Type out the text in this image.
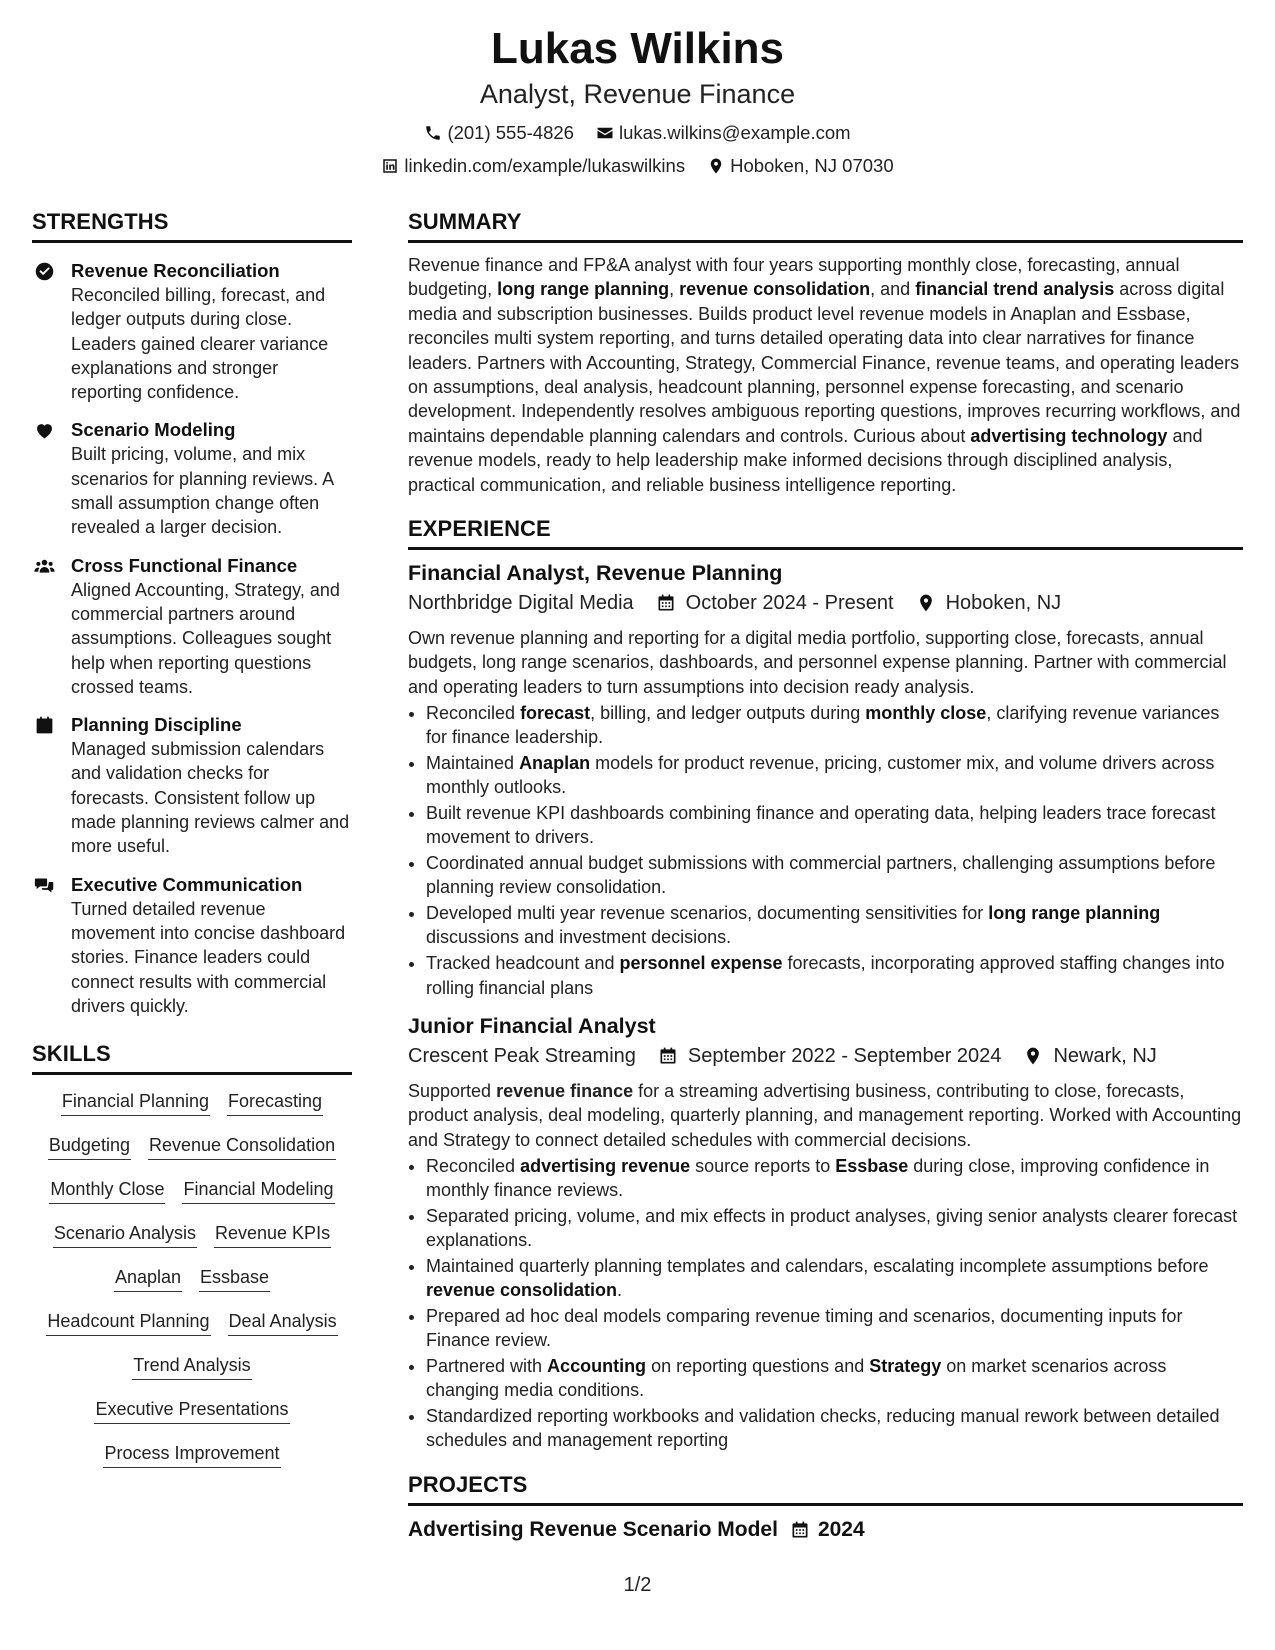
Lukas Wilkins
Analyst, Revenue Finance
(201) 555-4826 lukas.wilkins@example.com
linkedin.com/example/lukaswilkins Hoboken, NJ 07030
STRENGTHS
Revenue Reconciliation
Reconciled billing, forecast, and ledger outputs during close. Leaders gained clearer variance explanations and stronger reporting confidence.
Scenario Modeling
Built pricing, volume, and mix scenarios for planning reviews. A small assumption change often revealed a larger decision.
Cross Functional Finance
Aligned Accounting, Strategy, and commercial partners around assumptions. Colleagues sought help when reporting questions crossed teams.
Planning Discipline
Managed submission calendars and validation checks for forecasts. Consistent follow up made planning reviews calmer and more useful.
Executive Communication
Turned detailed revenue movement into concise dashboard stories. Finance leaders could connect results with commercial drivers quickly.
SKILLS
Financial Planning Forecasting
Budgeting Revenue Consolidation
Monthly Close Financial Modeling
Scenario Analysis Revenue KPIs
Anaplan Essbase
Headcount Planning Deal Analysis
Trend Analysis
Executive Presentations
Process Improvement
SUMMARY
Revenue finance and FP&A analyst with four years supporting monthly close, forecasting, annual budgeting, long range planning, revenue consolidation, and financial trend analysis across digital media and subscription businesses. Builds product level revenue models in Anaplan and Essbase, reconciles multi system reporting, and turns detailed operating data into clear narratives for finance leaders. Partners with Accounting, Strategy, Commercial Finance, revenue teams, and operating leaders on assumptions, deal analysis, headcount planning, personnel expense forecasting, and scenario development. Independently resolves ambiguous reporting questions, improves recurring workflows, and maintains dependable planning calendars and controls. Curious about advertising technology and revenue models, ready to help leadership make informed decisions through disciplined analysis, practical communication, and reliable business intelligence reporting.
EXPERIENCE
Financial Analyst, Revenue Planning
Northbridge Digital Media	October 2024 - Present	Hoboken, NJ
Own revenue planning and reporting for a digital media portfolio, supporting close, forecasts, annual budgets, long range scenarios, dashboards, and personnel expense planning. Partner with commercial and operating leaders to turn assumptions into decision ready analysis.
• Reconciled forecast, billing, and ledger outputs during monthly close, clarifying revenue variances for finance leadership.
• Maintained Anaplan models for product revenue, pricing, customer mix, and volume drivers across monthly outlooks.
• Built revenue KPI dashboards combining finance and operating data, helping leaders trace forecast movement to drivers.
• Coordinated annual budget submissions with commercial partners, challenging assumptions before planning review consolidation.
• Developed multi year revenue scenarios, documenting sensitivities for long range planning discussions and investment decisions.
• Tracked headcount and personnel expense forecasts, incorporating approved staffing changes into rolling financial plans
Junior Financial Analyst
Crescent Peak Streaming	September 2022 - September 2024	Newark, NJ
Supported revenue finance for a streaming advertising business, contributing to close, forecasts, product analysis, deal modeling, quarterly planning, and management reporting. Worked with Accounting and Strategy to connect detailed schedules with commercial decisions.
• Reconciled advertising revenue source reports to Essbase during close, improving confidence in monthly finance reviews.
• Separated pricing, volume, and mix effects in product analyses, giving senior analysts clearer forecast explanations.
• Maintained quarterly planning templates and calendars, escalating incomplete assumptions before revenue consolidation.
• Prepared ad hoc deal models comparing revenue timing and scenarios, documenting inputs for Finance review.
• Partnered with Accounting on reporting questions and Strategy on market scenarios across changing media conditions.
• Standardized reporting workbooks and validation checks, reducing manual rework between detailed schedules and management reporting
PROJECTS
Advertising Revenue Scenario Model 2024
1/2
